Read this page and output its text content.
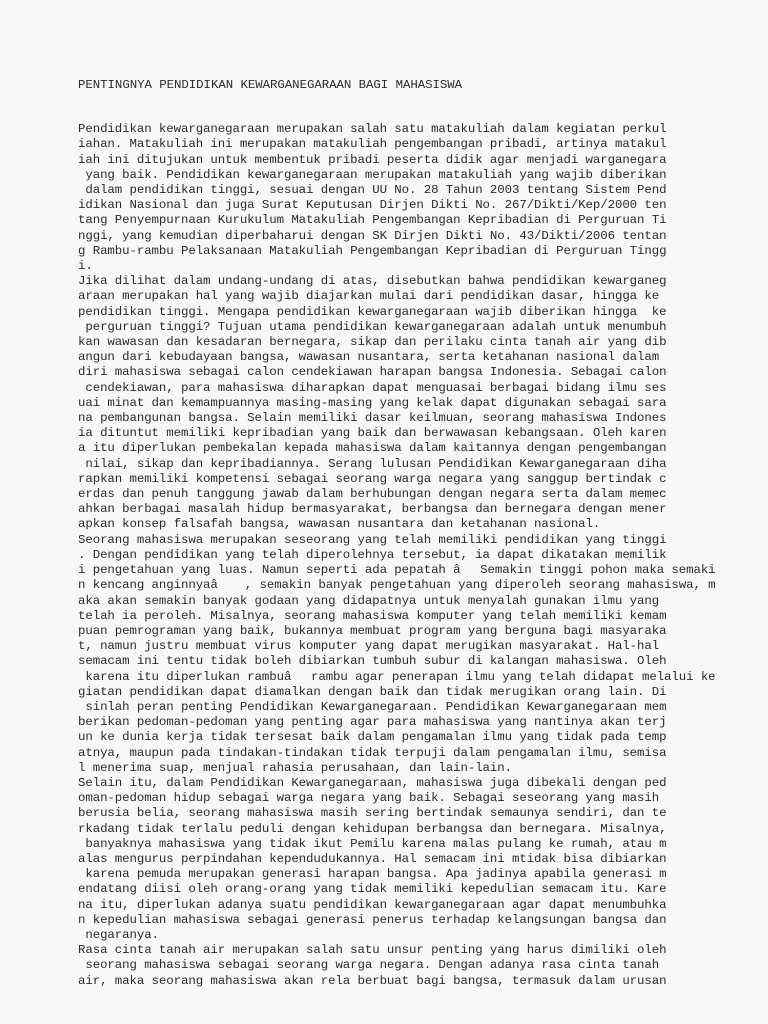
PENTINGNYA PENDIDIKAN KEWARGANEGARAAN BAGI MAHASISWA
Pendidikan kewarganegaraan merupakan salah satu matakuliah dalam kegiatan perkul
iahan. Matakuliah ini merupakan matakuliah pengembangan pribadi, artinya matakul
iah ini ditujukan untuk membentuk pribadi peserta didik agar menjadi warganegara
yang baik. Pendidikan kewarganegaraan merupakan matakuliah yang wajib diberikan
dalam pendidikan tinggi, sesuai dengan UU No. 28 Tahun 2003 tentang Sistem Pend
idikan Nasional dan juga Surat Keputusan Dirjen Dikti No. 267/Dikti/Kep/2000 ten
tang Penyempurnaan Kurukulum Matakuliah Pengembangan Kepribadian di Perguruan Ti
nggi, yang kemudian diperbaharui dengan SK Dirjen Dikti No. 43/Dikti/2006 tentan
g Rambu-rambu Pelaksanaan Matakuliah Pengembangan Kepribadian di Perguruan Tingg
i.
Jika dilihat dalam undang-undang di atas, disebutkan bahwa pendidikan kewarganeg
araan merupakan hal yang wajib diajarkan mulai dari pendidikan dasar, hingga ke
pendidikan tinggi. Mengapa pendidikan kewarganegaraan wajib diberikan hingga  ke
perguruan tinggi? Tujuan utama pendidikan kewarganegaraan adalah untuk menumbuh
kan wawasan dan kesadaran bernegara, sikap dan perilaku cinta tanah air yang dib
angun dari kebudayaan bangsa, wawasan nusantara, serta ketahanan nasional dalam
diri mahasiswa sebagai calon cendekiawan harapan bangsa Indonesia. Sebagai calon
cendekiawan, para mahasiswa diharapkan dapat menguasai berbagai bidang ilmu ses
uai minat dan kemampuannya masing-masing yang kelak dapat digunakan sebagai sara
na pembangunan bangsa. Selain memiliki dasar keilmuan, seorang mahasiswa Indones
ia dituntut memiliki kepribadian yang baik dan berwawasan kebangsaan. Oleh karen
a itu diperlukan pembekalan kepada mahasiswa dalam kaitannya dengan pengembangan
nilai, sikap dan kepribadiannya. Serang lulusan Pendidikan Kewarganegaraan diha
rapkan memiliki kompetensi sebagai seorang warga negara yang sanggup bertindak c
erdas dan penuh tanggung jawab dalam berhubungan dengan negara serta dalam memec
ahkan berbagai masalah hidup bermasyarakat, berbangsa dan bernegara dengan mener
apkan konsep falsafah bangsa, wawasan nusantara dan ketahanan nasional.
Seorang mahasiswa merupakan seseorang yang telah memiliki pendidikan yang tinggi
. Dengan pendidikan yang telah diperolehnya tersebut, ia dapat dikatakan memilik
i pengetahuan yang luas. Namun seperti ada pepatah âSemakin tinggi pohon maka semaki
n kencang anginnyaâ , semakin banyak pengetahuan yang diperoleh seorang mahasiswa, m
aka akan semakin banyak godaan yang didapatnya untuk menyalah gunakan ilmu yang
telah ia peroleh. Misalnya, seorang mahasiswa komputer yang telah memiliki kemam
puan pemrograman yang baik, bukannya membuat program yang berguna bagi masyaraka
t, namun justru membuat virus komputer yang dapat merugikan masyarakat. Hal-hal
semacam ini tentu tidak boleh dibiarkan tumbuh subur di kalangan mahasiswa. Oleh
karena itu diperlukan rambuârambu agar penerapan ilmu yang telah didapat melalui ke
giatan pendidikan dapat diamalkan dengan baik dan tidak merugikan orang lain. Di
sinlah peran penting Pendidikan Kewarganegaraan. Pendidikan Kewarganegaraan mem
berikan pedoman-pedoman yang penting agar para mahasiswa yang nantinya akan terj
un ke dunia kerja tidak tersesat baik dalam pengamalan ilmu yang tidak pada temp
atnya, maupun pada tindakan-tindakan tidak terpuji dalam pengamalan ilmu, semisa
l menerima suap, menjual rahasia perusahaan, dan lain-lain.
Selain itu, dalam Pendidikan Kewarganegaraan, mahasiswa juga dibekali dengan ped
oman-pedoman hidup sebagai warga negara yang baik. Sebagai seseorang yang masih
berusia belia, seorang mahasiswa masih sering bertindak semaunya sendiri, dan te
rkadang tidak terlalu peduli dengan kehidupan berbangsa dan bernegara. Misalnya,
banyaknya mahasiswa yang tidak ikut Pemilu karena malas pulang ke rumah, atau m
alas mengurus perpindahan kependudukannya. Hal semacam ini mtidak bisa dibiarkan
karena pemuda merupakan generasi harapan bangsa. Apa jadinya apabila generasi m
endatang diisi oleh orang-orang yang tidak memiliki kepedulian semacam itu. Kare
na itu, diperlukan adanya suatu pendidikan kewarganegaraan agar dapat menumbuhka
n kepedulian mahasiswa sebagai generasi penerus terhadap kelangsungan bangsa dan
negaranya.
Rasa cinta tanah air merupakan salah satu unsur penting yang harus dimiliki oleh
seorang mahasiswa sebagai seorang warga negara. Dengan adanya rasa cinta tanah
air, maka seorang mahasiswa akan rela berbuat bagi bangsa, termasuk dalam urusan
